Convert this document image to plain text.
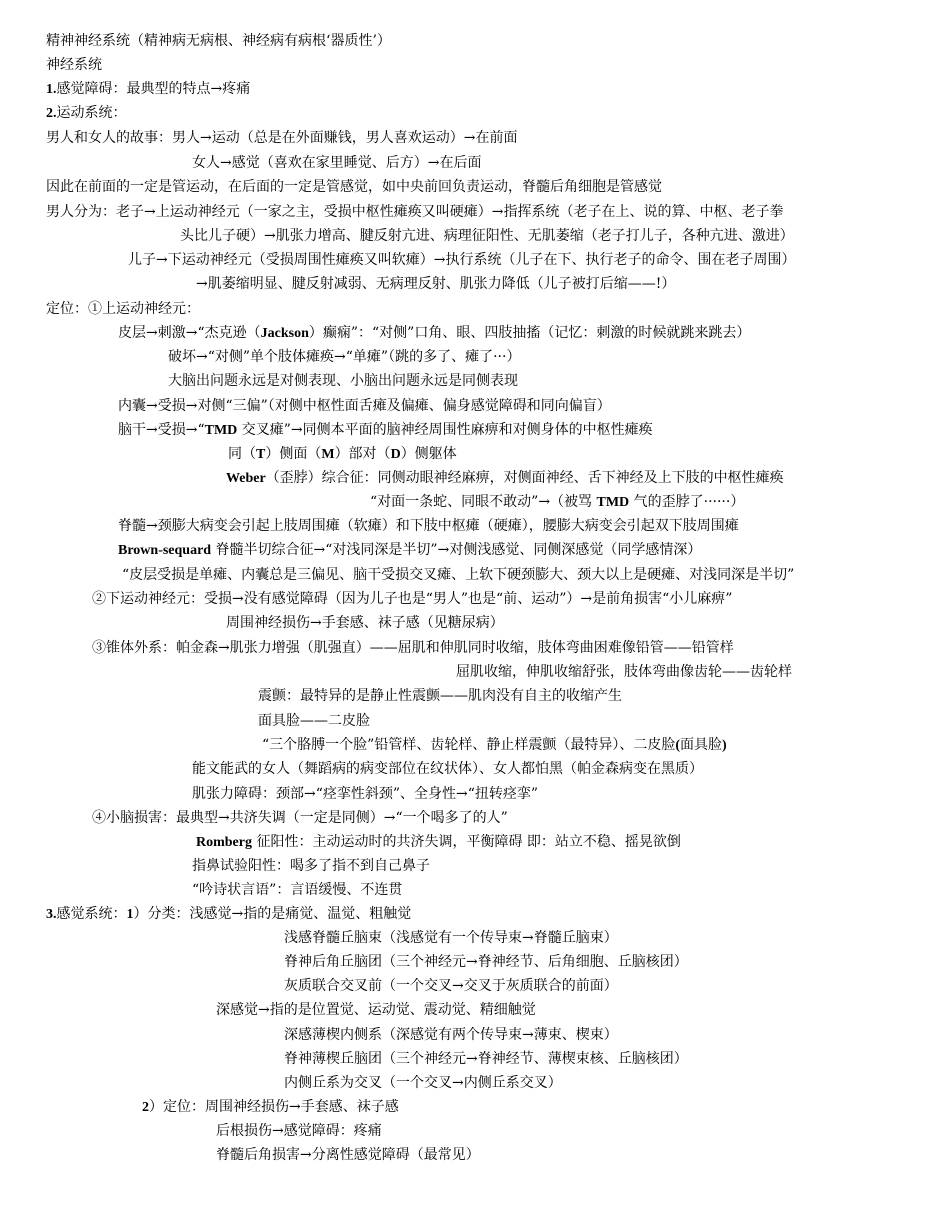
精神神经系统（精神病无病根、神经病有病根‘器质性’）
神经系统
1.感觉障碍：最典型的特点→疼痛
2.运动系统：
男人和女人的故事：男人→运动（总是在外面赚钱，男人喜欢运动）→在前面
女人→感觉（喜欢在家里睡觉、后方）→在后面
因此在前面的一定是管运动，在后面的一定是管感觉，如中央前回负责运动，脊髓后角细胞是管感觉
男人分为：老子→上运动神经元（一家之主，受损中枢性瘫痪又叫硬瘫）→指挥系统（老子在上、说的算、中枢、老子拳
头比儿子硬）→肌张力增高、腱反射亢进、病理征阳性、无肌萎缩（老子打儿子，各种亢进、激进）
儿子→下运动神经元（受损周围性瘫痪又叫软瘫）→执行系统（儿子在下、执行老子的命令、围在老子周围）
→肌萎缩明显、腱反射减弱、无病理反射、肌张力降低（儿子被打后缩——!）
定位：①上运动神经元：
皮层→刺激→“杰克逊（Jackson）癫痫”：“对侧”口角、眼、四肢抽搐（记忆：刺激的时候就跳来跳去）
破坏→“对侧”单个肢体瘫痪→“单瘫”（跳的多了、瘫了···）
大脑出问题永远是对侧表现、小脑出问题永远是同侧表现
内囊→受损→对侧“三偏”（对侧中枢性面舌瘫及偏瘫、偏身感觉障碍和同向偏盲）
脑干→受损→“TMD 交叉瘫”→同侧本平面的脑神经周围性麻痹和对侧身体的中枢性瘫痪
同（T）侧面（M）部对（D）侧躯体
Weber（歪脖）综合征：同侧动眼神经麻痹，对侧面神经、舌下神经及上下肢的中枢性瘫痪
“对面一条蛇、同眼不敢动”→（被骂 TMD 气的歪脖了······）
脊髓→颈膨大病变会引起上肢周围瘫（软瘫）和下肢中枢瘫（硬瘫），腰膨大病变会引起双下肢周围瘫
Brown-sequard 脊髓半切综合征→“对浅同深是半切”→对侧浅感觉、同侧深感觉（同学感情深）
“皮层受损是单瘫、内囊总是三偏见、脑干受损交叉瘫、上软下硬颈膨大、颈大以上是硬瘫、对浅同深是半切”
②下运动神经元：受损→没有感觉障碍（因为儿子也是“男人”也是“前、运动”）→是前角损害“小儿麻痹”
周围神经损伤→手套感、袜子感（见糖尿病）
③锥体外系：帕金森→肌张力增强（肌强直）——屈肌和伸肌同时收缩，肢体弯曲困难像铅管——铅管样
屈肌收缩，伸肌收缩舒张，肢体弯曲像齿轮——齿轮样
震颤：最特异的是静止性震颤——肌肉没有自主的收缩产生
面具脸——二皮脸
“三个胳膊一个脸”铅管样、齿轮样、静止样震颤（最特异）、二皮脸(面具脸)
能文能武的女人（舞蹈病的病变部位在纹状体）、女人都怕黑（帕金森病变在黑质）
肌张力障碍：颈部→“痉挛性斜颈”、全身性→“扭转痉挛”
④小脑损害：最典型→共济失调（一定是同侧）→“一个喝多了的人”
Romberg 征阳性：主动运动时的共济失调，平衡障碍 即：站立不稳、摇晃欲倒
指鼻试验阳性：喝多了指不到自己鼻子
“吟诗状言语”：言语缓慢、不连贯
3.感觉系统：1）分类：浅感觉→指的是痛觉、温觉、粗触觉
浅感脊髓丘脑束（浅感觉有一个传导束→脊髓丘脑束）
脊神后角丘脑团（三个神经元→脊神经节、后角细胞、丘脑核团）
灰质联合交叉前（一个交叉→交叉于灰质联合的前面）
深感觉→指的是位置觉、运动觉、震动觉、精细触觉
深感薄楔内侧系（深感觉有两个传导束→薄束、楔束）
脊神薄楔丘脑团（三个神经元→脊神经节、薄楔束核、丘脑核团）
内侧丘系为交叉（一个交叉→内侧丘系交叉）
2）定位：周围神经损伤→手套感、袜子感
后根损伤→感觉障碍：疼痛
脊髓后角损害→分离性感觉障碍（最常见）
